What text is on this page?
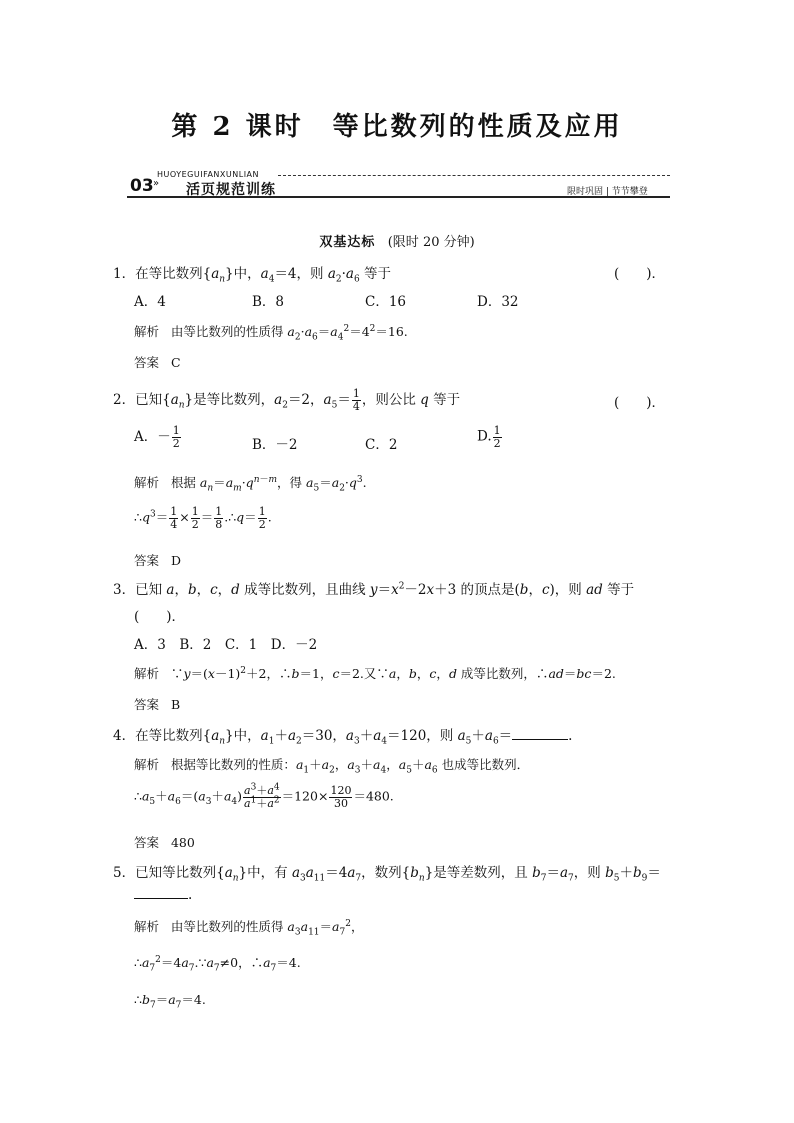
第 2 课时　等比数列的性质及应用
HUOYEGUIFANXUNLIAN
03 » 活页规范训练	限时巩固 | 节节攀登
双基达标 (限时 20 分钟)
1．在等比数列$\{a_n\}$中，$a_4=4$，则 $a_2\cdot a_6$ 等于	(　　)．
A．4	B．8	C．16	D．32
解析   由等比数列的性质得 $a_2\cdot a_6=a_4^2=4^2=16$.
答案 C
2．已知$\{a_n\}$是等比数列，$a_2=2$，$a_5= \frac{1}{4}$ ，则公比 q 等于	(　　)．
A．－ $\frac{1}{2}$	B．－2	C．2
D. $\frac{1}{2}$
解析   根据 $a_n=a_m\cdot q^{n-m}$，得 $a_5=a_2\cdot q^3$.
$\therefore q^3= \frac{1}{4} \times \frac{1}{2} = \frac{1}{8}$ .∴q＝ $\frac{1}{2}$ .
答案 D
3．已知 a，b，c，d 成等比数列，且曲线 $y=x^2-2x+3$ 的顶点是(b，c)，则 ad 等于
(　　)．
A．3　B．2　C．1　D．－2
解析   $\because y=(x-1)^2+2$，∴b＝1，c＝2.又∵a，b，c，d 成等比数列，∴ad＝bc＝2.
答案 B
4．在等比数列$\{a_n\}$中，$a_1+a_2=30$，$a_3+a_4=120$，则 $a_5+a_6=$	.
解析   根据等比数列的性质：$a_1+a_2$，$a_3+a_4$，$a_5+a_6$ 也成等比数列．
$\therefore a_5+a_6=(a_3+a_4) \frac{a^3+a^4}{a^1+a^2} =120\times \frac{120}{30} =480$.
答案 480
5．已知等比数列$\{a_n\}$中，有 $a_3a_{11}=4a_7$，数列$\{b_n\}$是等差数列，且 $b_7=a_7$，则 $b_5+b_9=$
.
解析   由等比数列的性质得 $a_3a_{11}=a_7^2$，
$\therefore a_7^2=4a_7.\because a_7\ne 0$，$\therefore a_7=4$.
$\therefore b_7=a_7=4$.
